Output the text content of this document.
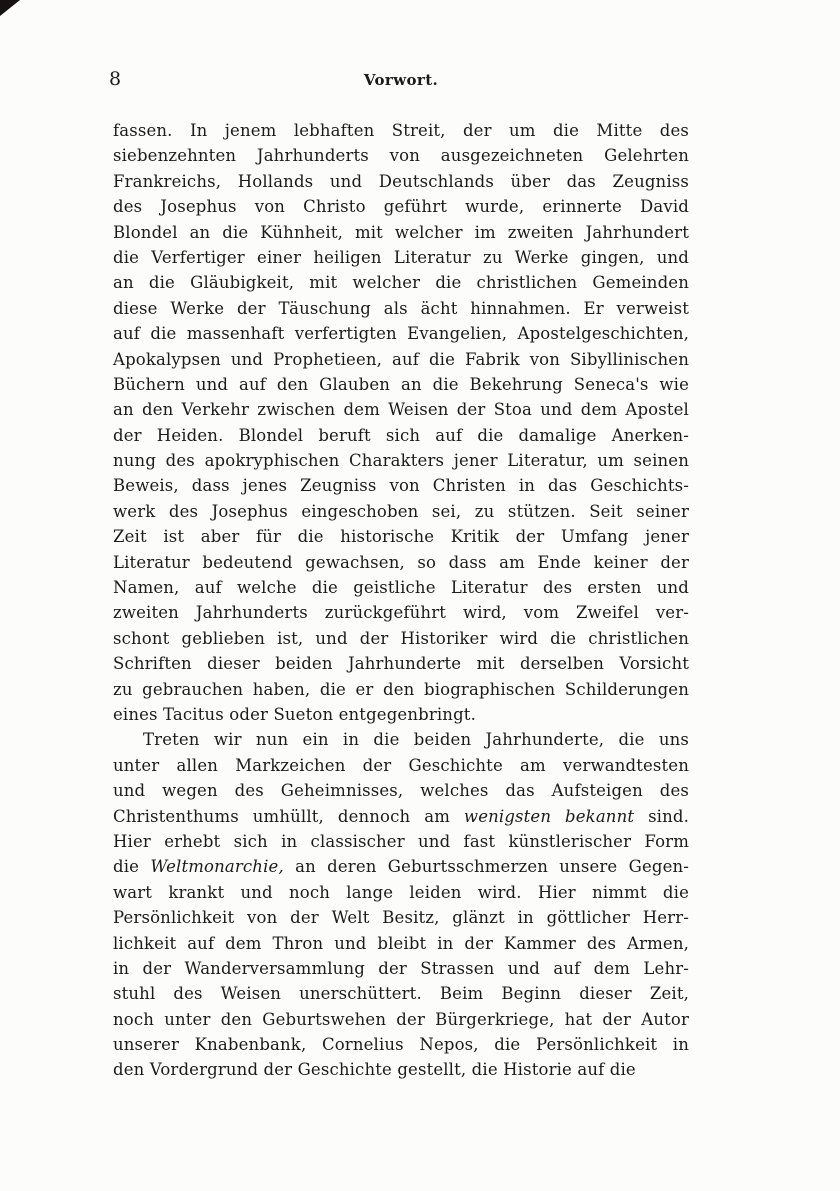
8	Vorwort.
fassen. In jenem lebhaften Streit, der um die Mitte des
siebenzehnten Jahrhunderts von ausgezeichneten Gelehrten
Frankreichs, Hollands und Deutschlands über das Zeugniss
des Josephus von Christo geführt wurde, erinnerte David
Blondel an die Kühnheit, mit welcher im zweiten Jahrhundert
die Verfertiger einer heiligen Literatur zu Werke gingen, und
an die Gläubigkeit, mit welcher die christlichen Gemeinden
diese Werke der Täuschung als ächt hinnahmen. Er verweist
auf die massenhaft verfertigten Evangelien, Apostelgeschichten,
Apokalypsen und Prophetieen, auf die Fabrik von Sibyllinischen
Büchern und auf den Glauben an die Bekehrung Seneca's wie
an den Verkehr zwischen dem Weisen der Stoa und dem Apostel
der Heiden. Blondel beruft sich auf die damalige Anerken-
nung des apokryphischen Charakters jener Literatur, um seinen
Beweis, dass jenes Zeugniss von Christen in das Geschichts-
werk des Josephus eingeschoben sei, zu stützen. Seit seiner
Zeit ist aber für die historische Kritik der Umfang jener
Literatur bedeutend gewachsen, so dass am Ende keiner der
Namen, auf welche die geistliche Literatur des ersten und
zweiten Jahrhunderts zurückgeführt wird, vom Zweifel ver-
schont geblieben ist, und der Historiker wird die christlichen
Schriften dieser beiden Jahrhunderte mit derselben Vorsicht
zu gebrauchen haben, die er den biographischen Schilderungen
eines Tacitus oder Sueton entgegenbringt.
Treten wir nun ein in die beiden Jahrhunderte, die uns
unter allen Markzeichen der Geschichte am verwandtesten
und wegen des Geheimnisses, welches das Aufsteigen des
Christenthums umhüllt, dennoch am wenigsten bekannt sind.
Hier erhebt sich in classischer und fast künstlerischer Form
die Weltmonarchie, an deren Geburtsschmerzen unsere Gegen-
wart krankt und noch lange leiden wird. Hier nimmt die
Persönlichkeit von der Welt Besitz, glänzt in göttlicher Herr-
lichkeit auf dem Thron und bleibt in der Kammer des Armen,
in der Wanderversammlung der Strassen und auf dem Lehr-
stuhl des Weisen unerschüttert. Beim Beginn dieser Zeit,
noch unter den Geburtswehen der Bürgerkriege, hat der Autor
unserer Knabenbank, Cornelius Nepos, die Persönlichkeit in
den Vordergrund der Geschichte gestellt, die Historie auf die
